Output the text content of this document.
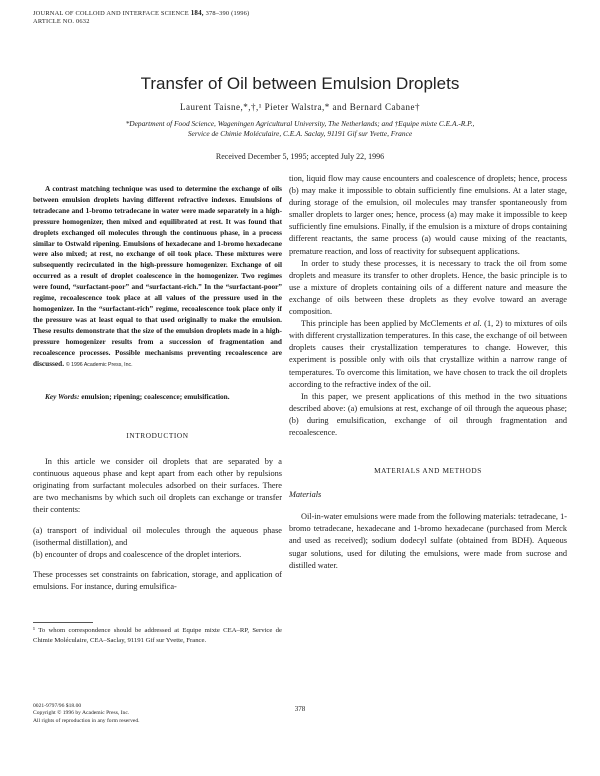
JOURNAL OF COLLOID AND INTERFACE SCIENCE 184, 378–390 (1996)
ARTICLE NO. 0632
Transfer of Oil between Emulsion Droplets
Laurent Taisne,*,†,¹ Pieter Walstra,* and Bernard Cabane†
*Department of Food Science, Wageningen Agricultural University, The Netherlands; and †Equipe mixte C.E.A.-R.P.,
Service de Chimie Moléculaire, C.E.A. Saclay, 91191 Gif sur Yvette, France
Received December 5, 1995; accepted July 22, 1996

A contrast matching technique was used to determine the exchange of oils between emulsion droplets having different refractive indexes. Emulsions of tetradecane and 1-bromo tetradecane in water were made separately in a high-pressure homogenizer, then mixed and equilibrated at rest. It was found that droplets exchanged oil molecules through the continuous phase, in a process similar to Ostwald ripening. Emulsions of hexadecane and 1-bromo hexadecane were also mixed; at rest, no exchange of oil took place. These mixtures were subsequently recirculated in the high-pressure homogenizer. Exchange of oil occurred as a result of droplet coalescence in the homogenizer. Two regimes were found, “surfactant-poor” and “surfactant-rich.” In the “surfactant-poor” regime, recoalescence took place at all values of the pressure used in the homogenizer. In the “surfactant-rich” regime, recoalescence took place only if the pressure was at least equal to that used originally to make the emulsion. These results demonstrate that the size of the emulsion droplets made in a high-pressure homogenizer results from a succession of fragmentation and recoalescence processes. Possible mechanisms preventing recoalescence are discussed. © 1996 Academic Press, Inc.

Key Words: emulsion; ripening; coalescence; emulsification.
INTRODUCTION

In this article we consider oil droplets that are separated by a continuous aqueous phase and kept apart from each other by repulsions originating from surfactant molecules adsorbed on their surfaces. There are two mechanisms by which such oil droplets can exchange or transfer their contents:

(a) transport of individual oil molecules through the aqueous phase (isothermal distillation), and

(b) encounter of drops and coalescence of the droplet interiors.

These processes set constraints on fabrication, storage, and application of emulsions. For instance, during emulsifica-

¹ To whom correspondence should be addressed at Equipe mixte CEA–RP, Service de Chimie Moléculaire, CEA–Saclay, 91191 Gif sur Yvette, France.
0021-9797/96 $18.00
Copyright © 1996 by Academic Press, Inc.
All rights of reproduction in any form reserved.
378

tion, liquid flow may cause encounters and coalescence of droplets; hence, process (b) may make it impossible to obtain sufficiently fine emulsions. At a later stage, during storage of the emulsion, oil molecules may transfer spontaneously from smaller droplets to larger ones; hence, process (a) may make it impossible to keep sufficiently fine emulsions. Finally, if the emulsion is a mixture of drops containing different reactants, the same process (a) would cause mixing of the reactants, premature reaction, and loss of reactivity for subsequent applications.

In order to study these processes, it is necessary to track the oil from some droplets and measure its transfer to other droplets. Hence, the basic principle is to use a mixture of droplets containing oils of a different nature and measure the exchange of oils between these droplets as they evolve toward an average composition.

This principle has been applied by McClements et al. (1, 2) to mixtures of oils with different crystallization temperatures. In this case, the exchange of oil between droplets causes their crystallization temperatures to change. However, this experiment is possible only with oils that crystallize within a narrow range of temperatures. To overcome this limitation, we have chosen to track the oil droplets according to the refractive index of the oil.

In this paper, we present applications of this method in the two situations described above: (a) emulsions at rest, exchange of oil through the aqueous phase; (b) during emulsification, exchange of oil through fragmentation and recoalescence.

MATERIALS AND METHODS

Materials

Oil-in-water emulsions were made from the following materials: tetradecane, 1-bromo tetradecane, hexadecane and 1-bromo hexadecane (purchased from Merck and used as received); sodium dodecyl sulfate (obtained from BDH). Aqueous sugar solutions, used for diluting the emulsions, were made from sucrose and distilled water.
